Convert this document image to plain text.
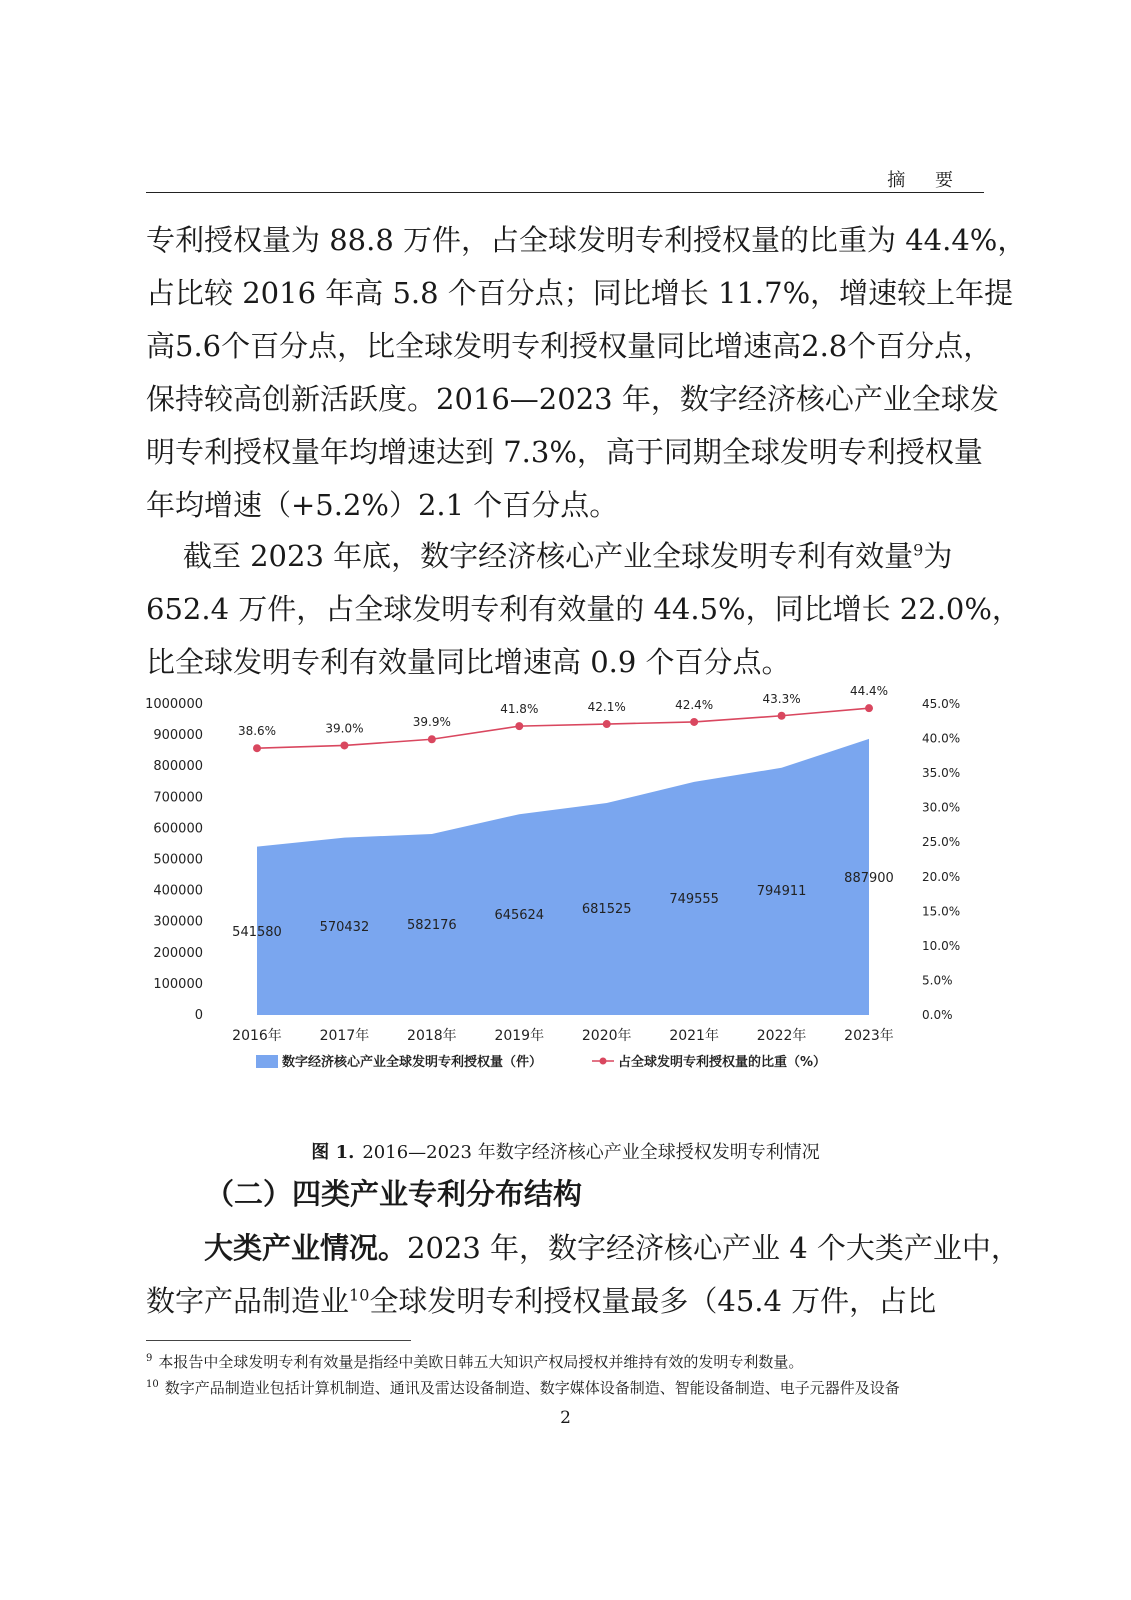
摘 要
专利授权量为 88.8 万件，占全球发明专利授权量的比重为 44.4%，
占比较 2016 年高 5.8 个百分点；同比增长 11.7%，增速较上年提
高5.6个百分点，比全球发明专利授权量同比增速高2.8个百分点，
保持较高创新活跃度。2016—2023 年，数字经济核心产业全球发
明专利授权量年均增速达到 7.3%，高于同期全球发明专利授权量
年均增速（+5.2%）2.1 个百分点。
截至 2023 年底，数字经济核心产业全球发明专利有效量$^9$为
652.4 万件，占全球发明专利有效量的 44.5%，同比增长 22.0%，
比全球发明专利有效量同比增速高 0.9 个百分点。
541580	570432	582176
645624	681525
749555
794911
887900
38.6%	39.0%	39.9%
41.8%	42.1%	42.4%	43.3%
44.4%
1000000
900000
800000
700000
600000
500000
400000
300000
200000
100000
0
45.0%
40.0%
35.0%
30.0%
25.0%
20.0%
15.0%
10.0%
5.0%
0.0%
2016年	2017年	2018年	2019年	2020年	2021年	2022年	2023年
数字经济核心产业全球发明专利授权量（件）	占全球发明专利授权量的比重（%）
图 1. 2016—2023 年数字经济核心产业全球授权发明专利情况
（二）四类产业专利分布结构
大类产业情况。2023 年，数字经济核心产业 4 个大类产业中，
数字产品制造业$^{10}$全球发明专利授权量最多（45.4 万件，占比
$^9$ 本报告中全球发明专利有效量是指经中美欧日韩五大知识产权局授权并维持有效的发明专利数量。
$^{10}$ 数字产品制造业包括计算机制造、通讯及雷达设备制造、数字媒体设备制造、智能设备制造、电子元器件及设备
2
